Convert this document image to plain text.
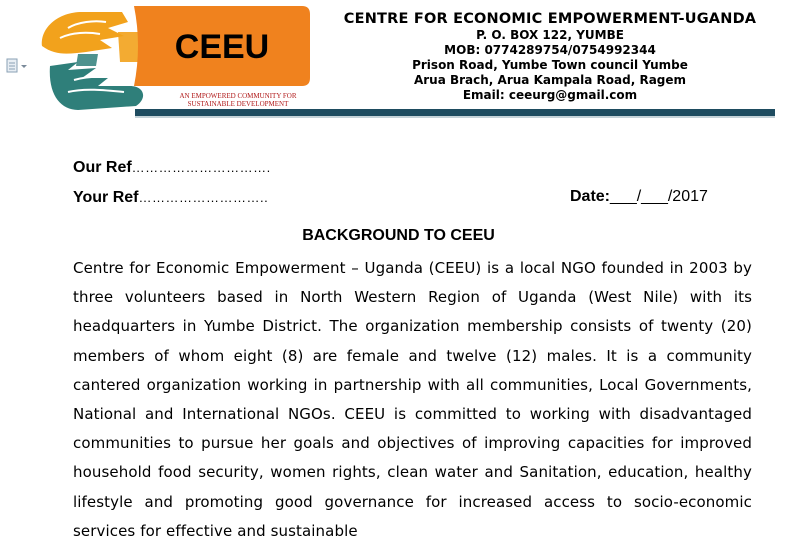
CEEU
AN EMPOWERED COMMUNITY FOR
SUSTAINABLE DEVELOPMENT
CENTRE FOR ECONOMIC EMPOWERMENT-UGANDA
P. O. BOX 122, YUMBE
MOB: 0774289754/0754992344
Prison Road, Yumbe Town council Yumbe
Arua Brach, Arua Kampala Road, Ragem
Email: ceeurg@gmail.com
Our Ref………………………….
Your Ref………………………..	Date:___/___/2017
BACKGROUND TO CEEU
Centre for Economic Empowerment – Uganda (CEEU) is a local NGO founded in 2003 by three volunteers based in North Western Region of Uganda (West Nile) with its headquarters in Yumbe District. The organization membership consists of twenty (20) members of whom eight (8) are female and twelve (12) males. It is a community cantered organization working in partnership with all communities, Local Governments, National and International NGOs. CEEU is committed to working with disadvantaged communities to pursue her goals and objectives of improving capacities for improved household food security, women rights, clean water and Sanitation, education, healthy lifestyle and promoting good governance for increased access to socio-economic services for effective and sustainable
